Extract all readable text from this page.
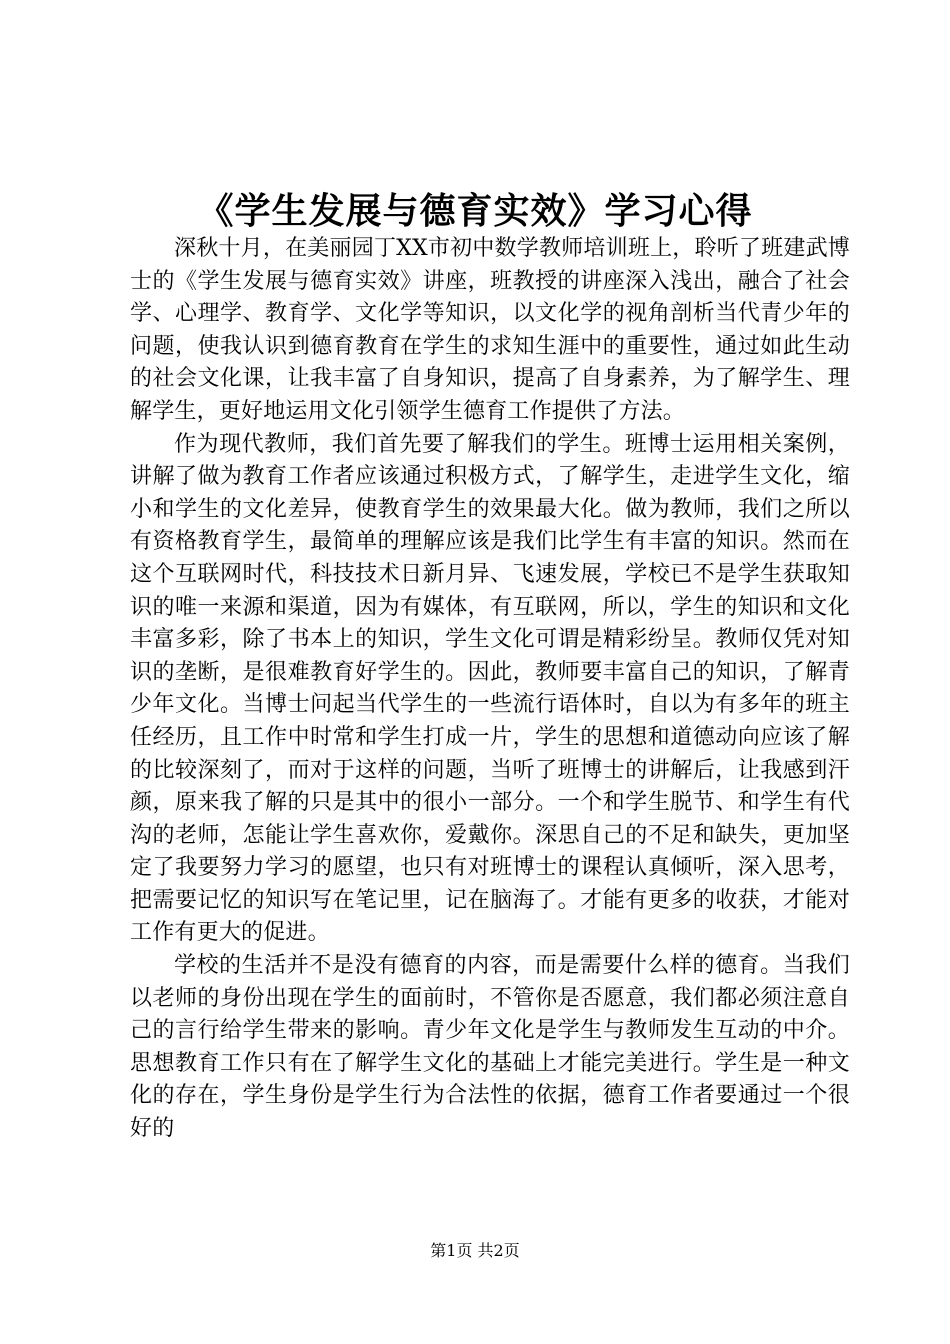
《学生发展与德育实效》学习心得

深秋十月，在美丽园丁XX市初中数学教师培训班上，聆听了班建武博士的《学生发展与德育实效》讲座，班教授的讲座深入浅出，融合了社会学、心理学、教育学、文化学等知识，以文化学的视角剖析当代青少年的问题，使我认识到德育教育在学生的求知生涯中的重要性，通过如此生动的社会文化课，让我丰富了自身知识，提高了自身素养，为了解学生、理解学生，更好地运用文化引领学生德育工作提供了方法。

作为现代教师，我们首先要了解我们的学生。班博士运用相关案例，讲解了做为教育工作者应该通过积极方式，了解学生，走进学生文化，缩小和学生的文化差异，使教育学生的效果最大化。做为教师，我们之所以有资格教育学生，最简单的理解应该是我们比学生有丰富的知识。然而在这个互联网时代，科技技术日新月异、飞速发展，学校已不是学生获取知识的唯一来源和渠道，因为有媒体，有互联网，所以，学生的知识和文化丰富多彩，除了书本上的知识，学生文化可谓是精彩纷呈。教师仅凭对知识的垄断，是很难教育好学生的。因此，教师要丰富自己的知识，了解青少年文化。当博士问起当代学生的一些流行语体时，自以为有多年的班主任经历，且工作中时常和学生打成一片，学生的思想和道德动向应该了解的比较深刻了，而对于这样的问题，当听了班博士的讲解后，让我感到汗颜，原来我了解的只是其中的很小一部分。一个和学生脱节、和学生有代沟的老师，怎能让学生喜欢你，爱戴你。深思自己的不足和缺失，更加坚定了我要努力学习的愿望，也只有对班博士的课程认真倾听，深入思考，把需要记忆的知识写在笔记里，记在脑海了。才能有更多的收获，才能对工作有更大的促进。

学校的生活并不是没有德育的内容，而是需要什么样的德育。当我们以老师的身份出现在学生的面前时，不管你是否愿意，我们都必须注意自己的言行给学生带来的影响。青少年文化是学生与教师发生互动的中介。思想教育工作只有在了解学生文化的基础上才能完美进行。学生是一种文化的存在，学生身份是学生行为合法性的依据，德育工作者要通过一个很好的

第1页 共2页
